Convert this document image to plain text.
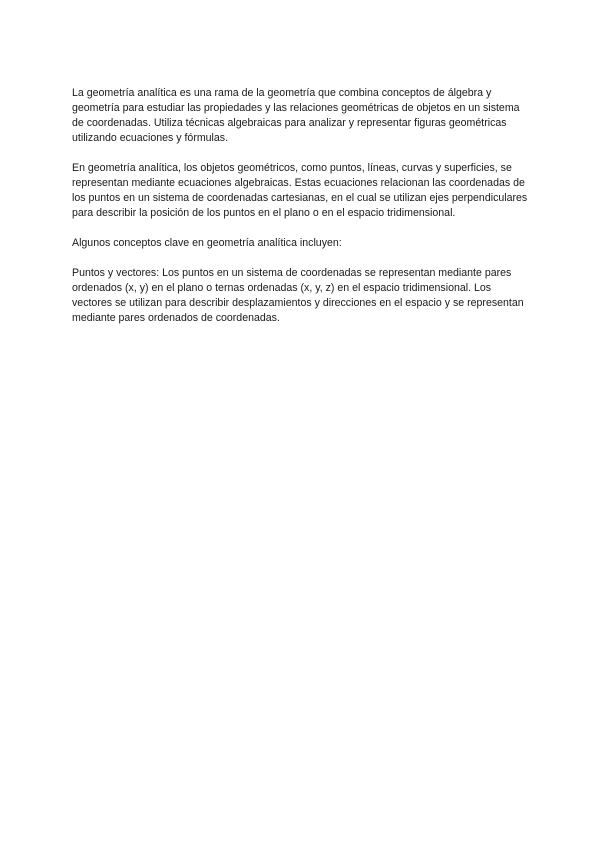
La geometría analítica es una rama de la geometría que combina conceptos de álgebra y geometría para estudiar las propiedades y las relaciones geométricas de objetos en un sistema de coordenadas. Utiliza técnicas algebraicas para analizar y representar figuras geométricas utilizando ecuaciones y fórmulas.

En geometría analítica, los objetos geométricos, como puntos, líneas, curvas y superficies, se representan mediante ecuaciones algebraicas. Estas ecuaciones relacionan las coordenadas de los puntos en un sistema de coordenadas cartesianas, en el cual se utilizan ejes perpendiculares para describir la posición de los puntos en el plano o en el espacio tridimensional.

Algunos conceptos clave en geometría analítica incluyen:

Puntos y vectores: Los puntos en un sistema de coordenadas se representan mediante pares ordenados (x, y) en el plano o ternas ordenadas (x, y, z) en el espacio tridimensional. Los vectores se utilizan para describir desplazamientos y direcciones en el espacio y se representan mediante pares ordenados de coordenadas.
